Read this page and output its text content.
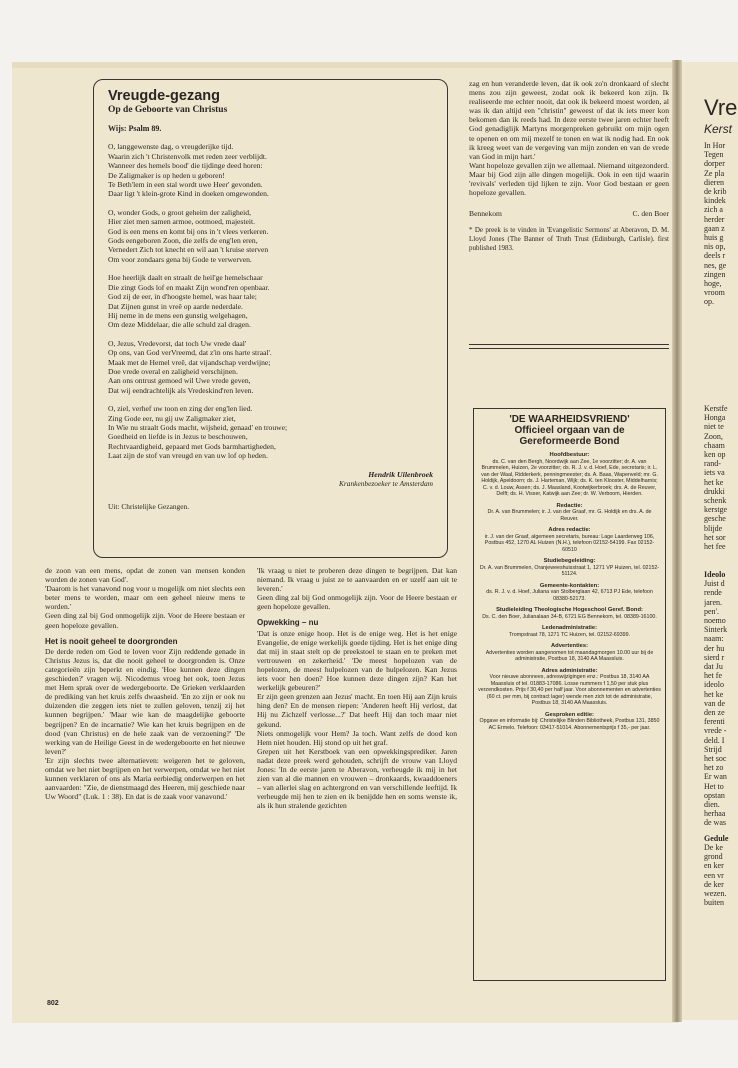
Vreugde-gezang
Op de Geboorte van Christus
Wijs: Psalm 89.
O, langgewenste dag, o vreugderijke tijd.
Waarin zich 't Christenvolk met reden zeer verblijdt.
Wanneer des hemels bood' die tijdinge deed horen:
De Zaligmaker is op heden u geboren!
Te Beth'lem in een stal wordt uwe Heer' gevonden.
Daar ligt 't klein-grote Kind in doeken omgewonden.
O, wonder Gods, o groot geheim der zaligheid,
Hier ziet men samen armoe, ootmoed, majesteit.
God is een mens en komt bij ons in 't vlees verkeren.
Gods eengeboren Zoon, die zelfs de eng'len eren,
Vernedert Zich tot knecht en wil aan 't kruise sterven
Om voor zondaars gena bij Gode te verwerven.
Hoe heerlijk daalt en straalt de heil'ge hemelschaar
Die zingt Gods lof en maakt Zijn wond'ren openbaar.
God zij de eer, in d'hoogste hemel, was haar tale;
Dat Zijnen gunst in vreê op aarde nederdale.
Hij neme in de mens een gunstig welgehagen,
Om deze Middelaar, die alle schuld zal dragen.
O, Jezus, Vredevorst, dat toch Uw vrede daal'
Op ons, van God verVreemd, dat z'in ons harte straal'.
Maak met de Hemel vreê, dat vijandschap verdwijne;
Doe vrede overal en zaligheid verschijnen.
Aan ons ontrust gemoed wil Uwe vrede geven,
Dat wij eendrachtelijk als Vredeskind'ren leven.
O, ziel, verhef uw toon en zing der eng'len lied.
Zing Gode eer, nu gij uw Zaligmaker ziet,
In Wie nu straalt Gods macht, wijsheid, genaad' en trouwe;
Goedheid en liefde is in Jezus te beschouwen,
Rechtvaardigheid, gepaard met Gods barmhartigheden,
Laat zijn de stof van vreugd en van uw lof op heden.
Hendrik Uilenbroek
Krankenbezoeker te Amsterdam
Uit: Christelijke Gezangen.

de zoon van een mens, opdat de zonen van mensen konden worden de zonen van God'.

'Daarom is het vanavond nog voor u mogelijk om niet slechts een beter mens te worden, maar om een geheel nieuw mens te worden.'

Geen ding zal bij God onmogelijk zijn. Voor de Heere bestaan er geen hopeloze gevallen.

Het is nooit geheel te doorgronden

De derde reden om God te loven voor Zijn reddende genade in Christus Jezus is, dat die nooit geheel te doorgronden is. Onze categorieën zijn beperkt en eindig. 'Hoe kunnen deze dingen geschieden?' vragen wij. Nicodemus vroeg het ook, toen Jezus met Hem sprak over de wedergeboorte. De Grieken verklaarden de prediking van het kruis zelfs dwaasheid. 'En zo zijn er ook nu duizenden die zeggen iets niet te zullen geloven, tenzij zij het kunnen begrijpen.' 'Maar wie kan de maagdelijke geboorte begrijpen? En de incarnatie? Wie kan het kruis begrijpen en de dood (van Christus) en de hele zaak van de verzoening?' 'De werking van de Heilige Geest in de wedergeboorte en het nieuwe leven?'

'Er zijn slechts twee alternatieven: weigeren het te geloven, omdat we het niet begrijpen en het verwerpen, omdat we het niet kunnen verklaren of ons als Maria eerbiedig onderwerpen en het aanvaarden: "Zie, de dienstmaagd des Heeren, mij geschiede naar Uw Woord" (Luk. 1 : 38). En dat is de zaak voor vanavond.'

'Ik vraag u niet te proberen deze dingen te begrijpen. Dat kan niemand. Ik vraag u juist ze te aanvaarden en er uzelf aan uit te leveren.'

Geen ding zal bij God onmogelijk zijn. Voor de Heere bestaan er geen hopeloze gevallen.

Opwekking – nu

'Dat is onze enige hoop. Het is de enige weg. Het is het enige Evangelie, de enige werkelijk goede tijding. Het is het enige ding dat mij in staat stelt op de preekstoel te staan en te preken met vertrouwen en zekerheid.' 'De meest hopelozen van de hopelozen, de meest hulpelozen van de hulpelozen. Kan Jezus iets voor hen doen? Hoe kunnen deze dingen zijn? Kan het werkelijk gebeuren?'

Er zijn geen grenzen aan Jezus' macht. En toen Hij aan Zijn kruis hing den? En de mensen riepen: 'Anderen heeft Hij verlost, dat Hij nu Zichzelf verlosse...?' Dat heeft Hij dan toch maar niet gekund.

Niets onmogelijk voor Hem? Ja toch. Want zelfs de dood kon Hem niet houden. Hij stond op uit het graf.

Grepen uit het Kerstboek van een opwekkingsprediker. Jaren nadat deze preek werd gehouden, schrijft de vrouw van Lloyd Jones: 'In de eerste jaren te Aberavon, verheugde ik mij in het zien van al die mannen en vrouwen – dronkaards, kwaaddoeners – van allerlei slag en achtergrond en van verschillende leeftijd. Ik verheugde mij hen te zien en ik benijdde hen en soms wenste ik, als ik hun stralende gezichten

zag en hun veranderde leven, dat ik ook zo'n dronkaard of slecht mens zou zijn geweest, zodat ook ik bekeerd kon zijn. Ik realiseerde me echter nooit, dat ook ik bekeerd moest worden, al was ik dan altijd een "christin" geweest of dat ik iets meer kon bekomen dan ik reeds had. In deze eerste twee jaren echter heeft God genadiglijk Martyns morgenpreken gebruikt om mijn ogen te openen en om mij mezelf te tonen en wat ik nodig had. En ook ik kreeg weet van de vergeving van mijn zonden en van de vrede van God in mijn hart.'

Want hopeloze gevallen zijn we allemaal. Niemand uitgezonderd. Maar bij God zijn alle dingen mogelijk. Ook in een tijd waarin 'revivals' verleden tijd lijken te zijn. Voor God bestaan er geen hopeloze gevallen.

Bennekom	C. den Boer
* De preek is te vinden in 'Evangelistic Sermons' at Aberavon, D. M. Lloyd Jones (The Banner of Truth Trust (Edinburgh, Carlisle). first published 1983.
'DE WAARHEIDSVRIEND'
Officieel orgaan van de Gereformeerde Bond
Hoofdbestuur:
ds. C. van den Bergh, Noordwijk aan Zee, 1e voorzitter; dr. A. van Brummelen, Huizen, 2e voorzitter; ds. R. J. v. d. Hoef, Ede, secretaris; ir. L. van der Waal, Ridderkerk, penningmeester; ds. A. Baas, Wapenveld; mr. G. Holdijk, Apeldoorn; ds. J. Harteman, Wijk; ds. K. ten Klooster, Middelharnis; C. v. d. Louw, Assen; ds. J. Maasland, Kootwijkerbroek; drs. A. de Reuver, Delft; ds. H. Visser, Katwijk aan Zee; dr. W. Verboom, Hierden.
Redactie:
Dr. A. van Brummelen; ir. J. van der Graaf, mr. G. Holdijk en drs. A. de Reuver.
Adres redactie:
ir. J. van der Graaf, algemeen secretaris, bureau: Lage Laarderweg 106, Postbus 452, 1270 AL Huizen (N.H.), telefoon 02152-54199. Fax 02152-60510
Studiebegeleiding:
Dr. A. van Brummelen, Oranjeweeshuisstraat 1, 1271 VP Huizen, tel. 02152-51124.
Gemeente-kontakten:
ds. R. J. v. d. Hoef, Juliana van Stolberglaan 42, 6713 PJ Ede, telefoon 08380-52173.
Studieleiding Theologische Hogeschool Geref. Bond:
Ds. C. den Boer, Julianalaan 34-B, 6721 EG Bennekom, tel. 08389-16100.
Ledenadministratie:
Trompstraat 78, 1271 TC Huizen, tel. 02152-69399.
Advertenties:
Advertenties worden aangenomen tot maandagmorgen 10.00 uur bij de administratie, Postbus 18, 3140 AA Maassluis.
Adres administratie:
Voor nieuwe abonnees, adreswijzigingen enz.: Postbus 18, 3140 AA Maassluis of tel. 01883-17086. Losse nummers f 1,50 per stuk plus verzendkosten. Prijs f 30,40 per half jaar. Voor abonnementen en advertenties (60 ct. per mm, bij contract lager) wende men zich tot de administratie, Postbus 18, 3140 AA Maassluis.
Gesproken editie:
Opgave en informatie bij: Christelijke Blinden Bibliotheek, Postbus 131, 3850 AC Ermelo. Telefoon: 03417-51014. Abonnementsprijs f 35,- per jaar.
802
Vre
Kerst
In Hor
Tegen
dorper
Ze pla
dieren
de krib
kindek
zich a
herder
gaan z
huis g
nis op,
deels r
nes, ge
zingen
hoge,
vroom
op.
Kerstfe
Honga
niet te
Zoon,
chaam
ken op
rand-
iets va
het ke
drukki
schenk
kerstge
gesche
blijde
het sor
het fee
Ideolo
Juist d
rende
jaren.
pen'.
noemo
Sinterk
naam:
der hu
sierd r
dat Ju
het fe
ideolo
het ke
van de
den ze
ferenti
vrede -
deld. I
Strijd
het soc
het zo
Er wan
Het to
opstan
dien.
herhaa
de was
Gedule
De ke
grond
en ker
een vr
de ker
wezen.
buiten
